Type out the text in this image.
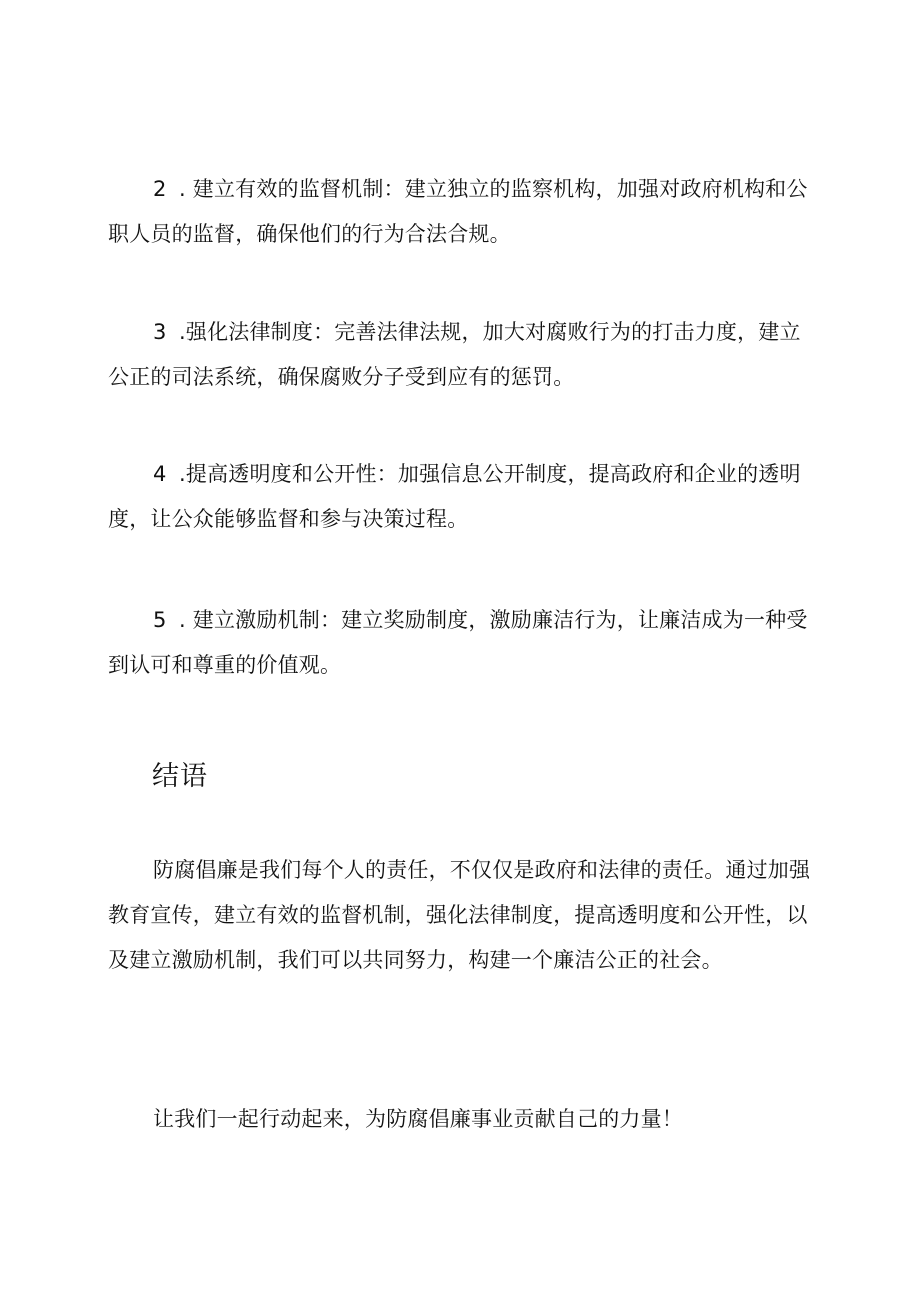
2 . 建立有效的监督机制：建立独立的监察机构，加强对政府机构和公职人员的监督，确保他们的行为合法合规。

3 .强化法律制度：完善法律法规，加大对腐败行为的打击力度，建立公正的司法系统，确保腐败分子受到应有的惩罚。

4 .提高透明度和公开性：加强信息公开制度，提高政府和企业的透明度，让公众能够监督和参与决策过程。

5 . 建立激励机制：建立奖励制度，激励廉洁行为，让廉洁成为一种受到认可和尊重的价值观。

结语

防腐倡廉是我们每个人的责任，不仅仅是政府和法律的责任。通过加强教育宣传，建立有效的监督机制，强化法律制度，提高透明度和公开性，以及建立激励机制，我们可以共同努力，构建一个廉洁公正的社会。

让我们一起行动起来，为防腐倡廉事业贡献自己的力量！
